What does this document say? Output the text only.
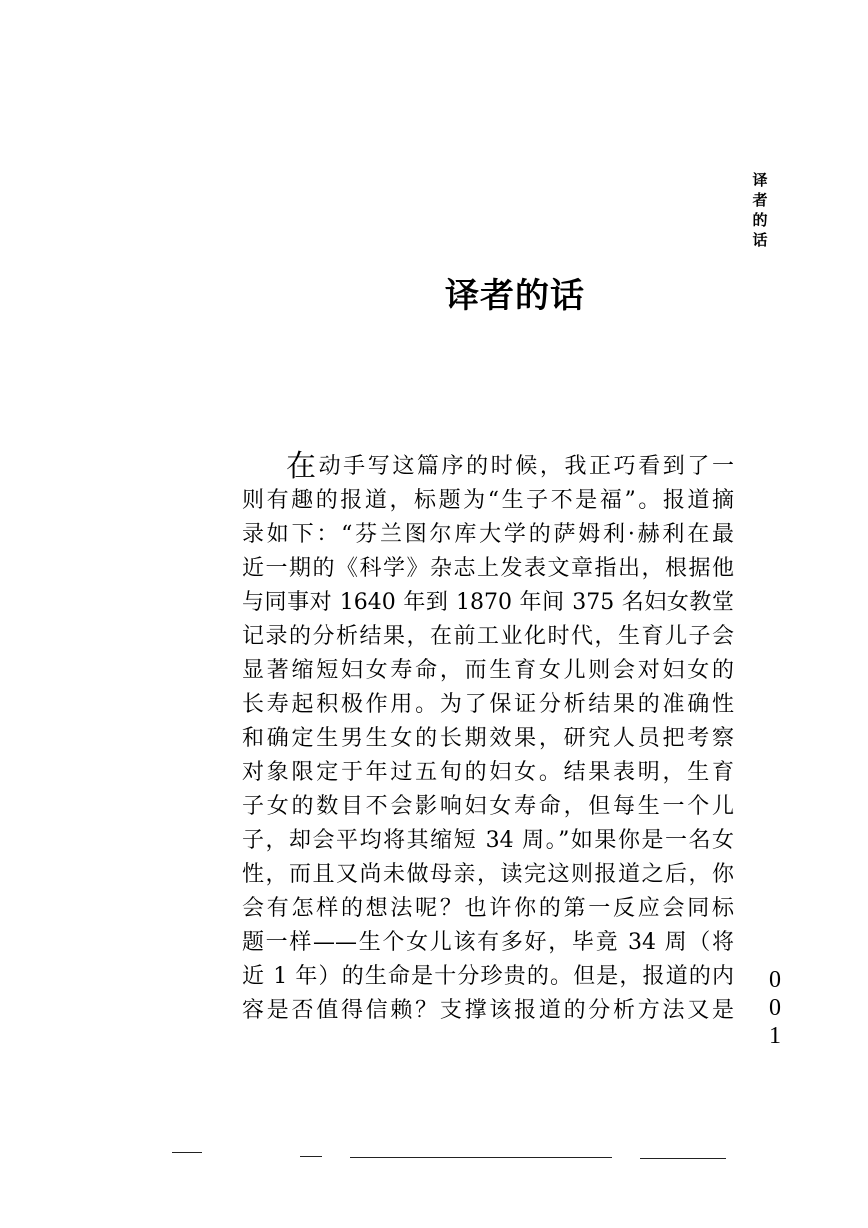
译
者
的
话
译者的话
在动手写这篇序的时候，我正巧看到了一
则有趣的报道，标题为“生子不是福”。报道摘
录如下：“芬兰图尔库大学的萨姆利·赫利在最
近一期的《科学》杂志上发表文章指出，根据他
与同事对 1640 年到 1870 年间 375 名妇女教堂
记录的分析结果，在前工业化时代，生育儿子会
显著缩短妇女寿命，而生育女儿则会对妇女的
长寿起积极作用。为了保证分析结果的准确性
和确定生男生女的长期效果，研究人员把考察
对象限定于年过五旬的妇女。结果表明，生育
子女的数目不会影响妇女寿命，但每生一个儿
子，却会平均将其缩短 34 周。”如果你是一名女
性，而且又尚未做母亲，读完这则报道之后，你
会有怎样的想法呢？也许你的第一反应会同标
题一样——生个女儿该有多好，毕竟 34 周（将
近 1 年）的生命是十分珍贵的。但是，报道的内
容是否值得信赖？支撑该报道的分析方法又是
0
0
1
